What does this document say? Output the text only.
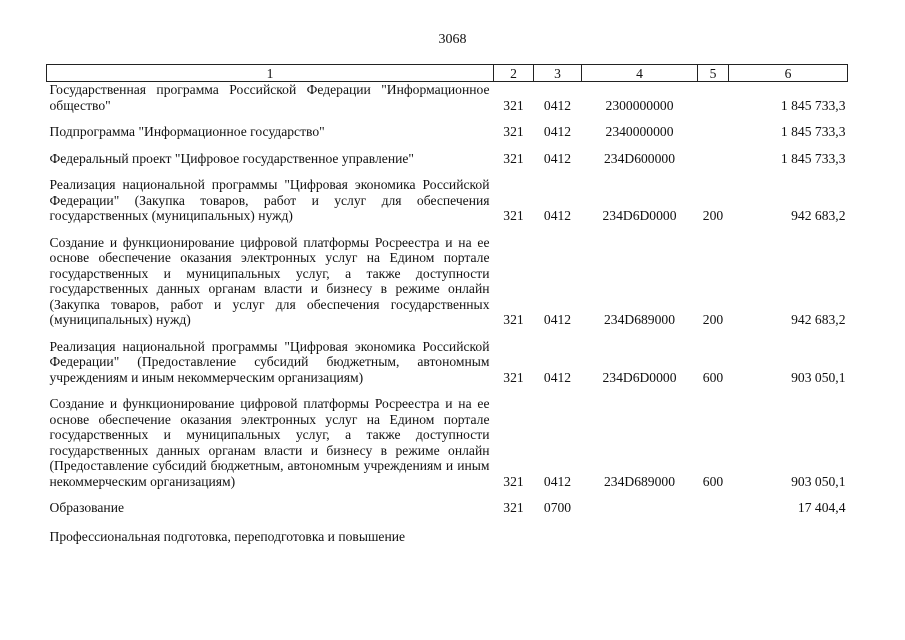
3068
1	2	3	4	5	6
Государственная программа Российской Федерации "Информационное общество"	321	0412	2300000000		1 845 733,3
Подпрограмма "Информационное государство"	321	0412	2340000000		1 845 733,3
Федеральный проект "Цифровое государственное управление"	321	0412	234D600000		1 845 733,3
Реализация национальной программы "Цифровая экономика Российской Федерации" (Закупка товаров, работ и услуг для обеспечения государственных (муниципальных) нужд)	321	0412	234D6D0000	200	942 683,2
Создание и функционирование цифровой платформы Росреестра и на ее основе обеспечение оказания электронных услуг на Едином портале государственных и муниципальных услуг, а также доступности государственных данных органам власти и бизнесу в режиме онлайн (Закупка товаров, работ и услуг для обеспечения государственных (муниципальных) нужд)	321	0412	234D689000	200	942 683,2
Реализация национальной программы "Цифровая экономика Российской Федерации" (Предоставление субсидий бюджетным, автономным учреждениям и иным некоммерческим организациям)	321	0412	234D6D0000	600	903 050,1
Создание и функционирование цифровой платформы Росреестра и на ее основе обеспечение оказания электронных услуг на Едином портале государственных и муниципальных услуг, а также доступности государственных данных органам власти и бизнесу в режиме онлайн (Предоставление субсидий бюджетным, автономным учреждениям и иным некоммерческим организациям)	321	0412	234D689000	600	903 050,1
Образование	321	0700			17 404,4
Профессиональная подготовка, переподготовка и повышение					
